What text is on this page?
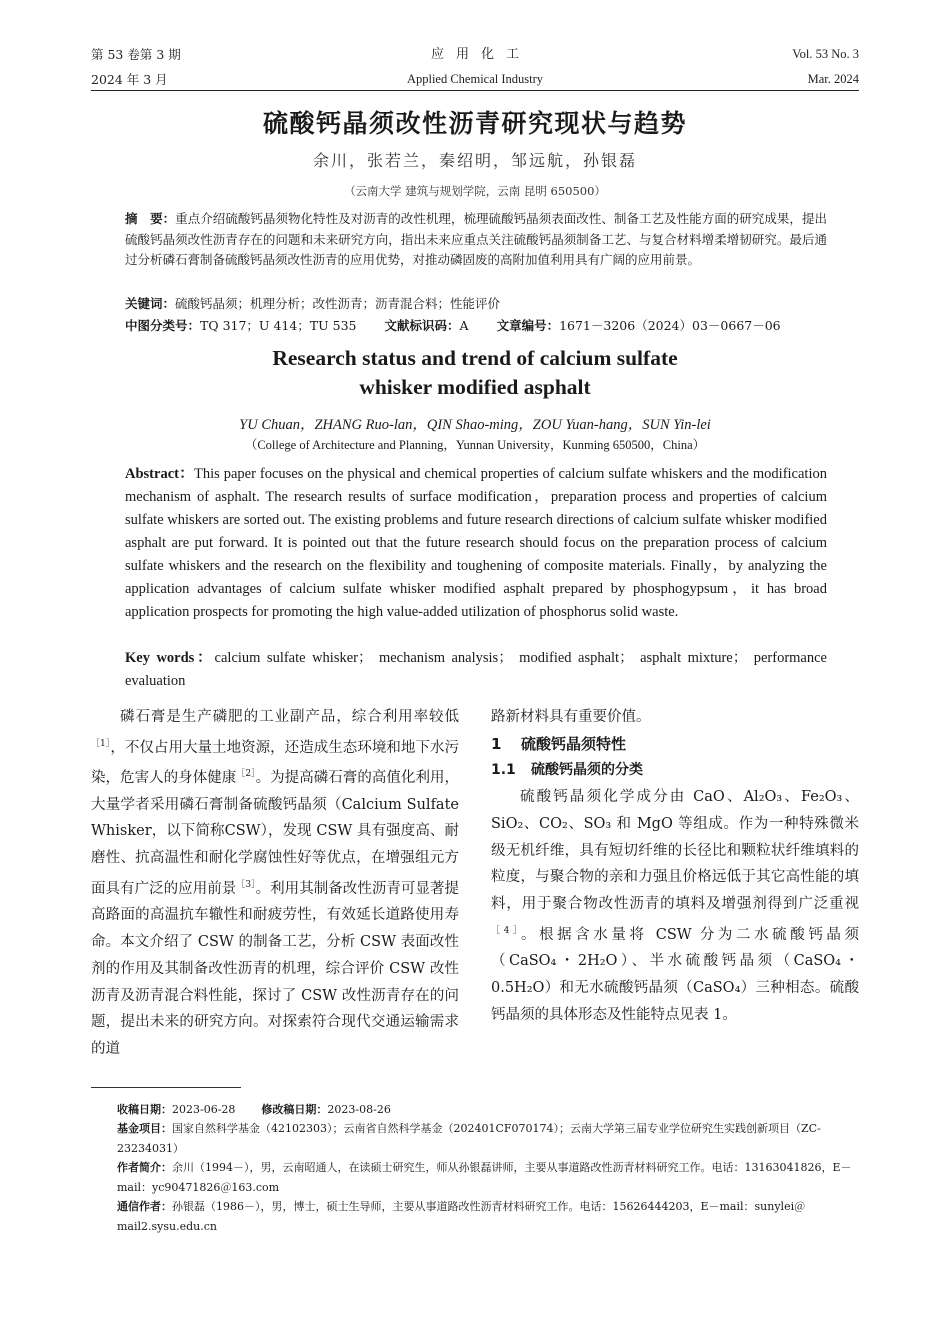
第 53 卷第 3 期
2024 年 3 月
应用化工
Applied Chemical Industry
Vol. 53 No. 3
Mar. 2024
硫酸钙晶须改性沥青研究现状与趋势
余川，张若兰，秦绍明，邹远航，孙银磊
（云南大学 建筑与规划学院，云南 昆明 650500）
摘　要：重点介绍硫酸钙晶须物化特性及对沥青的改性机理，梳理硫酸钙晶须表面改性、制备工艺及性能方面的研究成果，提出硫酸钙晶须改性沥青存在的问题和未来研究方向，指出未来应重点关注硫酸钙晶须制备工艺、与复合材料增柔增韧研究。最后通过分析磷石膏制备硫酸钙晶须改性沥青的应用优势，对推动磷固废的高附加值利用具有广阔的应用前景。
关键词：硫酸钙晶须；机理分析；改性沥青；沥青混合料；性能评价
中图分类号：TQ 317；U 414；TU 535 文献标识码：A 文章编号：1671－3206（2024）03－0667－06
Research status and trend of calcium sulfate
whisker modified asphalt
YU Chuan，ZHANG Ruo-lan，QIN Shao-ming，ZOU Yuan-hang，SUN Yin-lei
（College of Architecture and Planning，Yunnan University，Kunming 650500，China）
Abstract：This paper focuses on the physical and chemical properties of calcium sulfate whiskers and the modification mechanism of asphalt. The research results of surface modification，preparation process and properties of calcium sulfate whiskers are sorted out. The existing problems and future research directions of calcium sulfate whisker modified asphalt are put forward. It is pointed out that the future research should focus on the preparation process of calcium sulfate whiskers and the research on the flexibility and toughening of composite materials. Finally，by analyzing the application advantages of calcium sulfate whisker modified asphalt prepared by phosphogypsum，it has broad application prospects for promoting the high value-added utilization of phosphorus solid waste.
Key words：calcium sulfate whisker； mechanism analysis； modified asphalt； asphalt mixture； performance evaluation

磷石膏是生产磷肥的工业副产品，综合利用率较低$^{[1]}$，不仅占用大量土地资源，还造成生态环境和地下水污染，危害人的身体健康$^{[2]}$。为提高磷石膏的高值化利用，大量学者采用磷石膏制备硫酸钙晶须（Calcium Sulfate Whisker，以下简称CSW），发现 CSW 具有强度高、耐磨性、抗高温性和耐化学腐蚀性好等优点，在增强组元方面具有广泛的应用前景$^{[3]}$。利用其制备改性沥青可显著提高路面的高温抗车辙性和耐疲劳性，有效延长道路使用寿命。本文介绍了 CSW 的制备工艺，分析 CSW 表面改性剂的作用及其制备改性沥青的机理，综合评价 CSW 改性沥青及沥青混合料性能，探讨了 CSW 改性沥青存在的问题，提出未来的研究方向。对探索符合现代交通运输需求的道

路新材料具有重要价值。

1 硫酸钙晶须特性
1.1 硫酸钙晶须的分类

硫酸钙晶须化学成分由 CaO、Al₂O₃、Fe₂O₃、SiO₂、CO₂、SO₃ 和 MgO 等组成。作为一种特殊微米级无机纤维，具有短切纤维的长径比和颗粒状纤维填料的粒度，与聚合物的亲和力强且价格远低于其它高性能的填料，用于聚合物改性沥青的填料及增强剂得到广泛重视$^{[4]}$。根据含水量将 CSW 分为二水硫酸钙晶须（CaSO₄・2H₂O）、半水硫酸钙晶须（CaSO₄・0.5H₂O）和无水硫酸钙晶须（CaSO₄）三种相态。硫酸钙晶须的具体形态及性能特点见表 1。

收稿日期：2023-06-28 修改稿日期：2023-08-26
基金项目：国家自然科学基金（42102303）；云南省自然科学基金（202401CF070174）；云南大学第三届专业学位研究生实践创新项目（ZC-23234031）
作者简介：余川（1994－），男，云南昭通人，在读硕士研究生，师从孙银磊讲师，主要从事道路改性沥青材料研究工作。电话：13163041826，E－mail：yc90471826＠163.com
通信作者：孙银磊（1986－），男，博士，硕士生导师，主要从事道路改性沥青材料研究工作。电话：15626444203，E－mail：sunylei＠mail2.sysu.edu.cn
